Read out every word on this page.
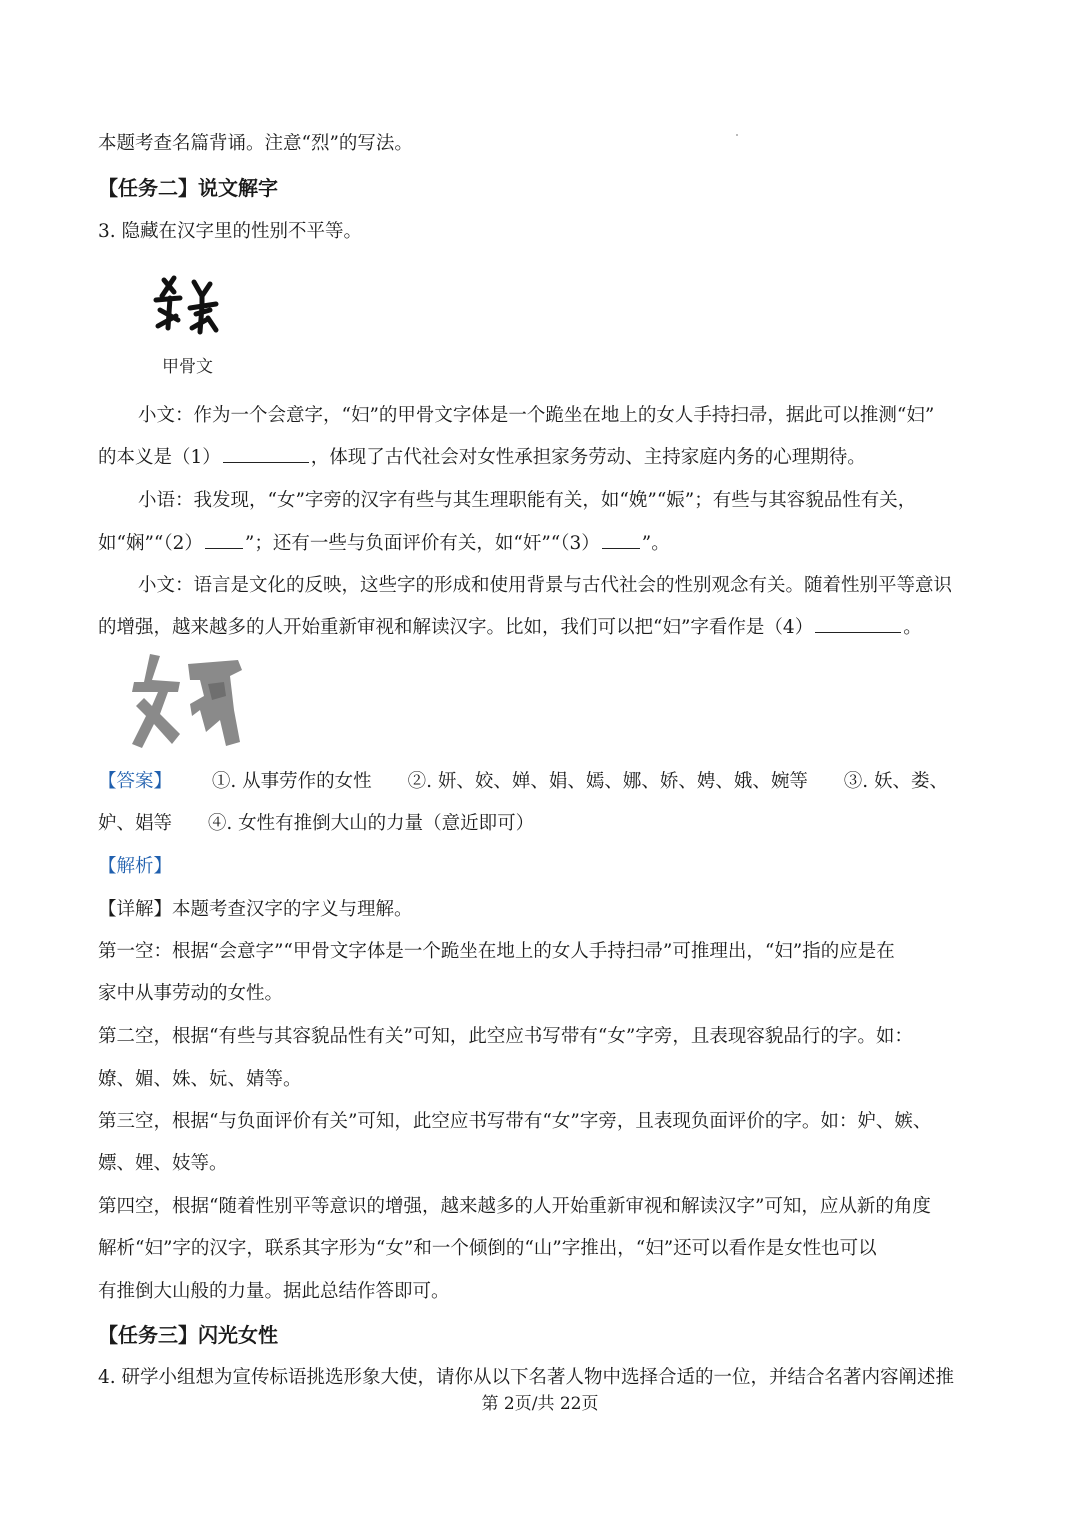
本题考查名篇背诵。注意“烈”的写法。
【任务二】说文解字
3. 隐藏在汉字里的性别不平等。
甲骨文
小文：作为一个会意字，“妇”的甲骨文字体是一个跪坐在地上的女人手持扫帚，据此可以推测“妇”
的本义是（1）	，体现了古代社会对女性承担家务劳动、主持家庭内务的心理期待。
小语：我发现，“女”字旁的汉字有些与其生理职能有关，如“娩”“娠”；有些与其容貌品性有关，
如“娴”“（2） ”；还有一些与负面评价有关，如“奸”“（3） ”。
小文：语言是文化的反映，这些字的形成和使用背景与古代社会的性别观念有关。随着性别平等意识
的增强，越来越多的人开始重新审视和解读汉字。比如，我们可以把“妇”字看作是（4）	。
【答案】 ①. 从事劳作的女性 ②. 妍、姣、婵、娟、嫣、娜、娇、娉、娥、婉等 ③. 妖、娄、
妒、娼等 ④. 女性有推倒大山的力量（意近即可）
【解析】
【详解】本题考查汉字的字义与理解。
第一空：根据“会意字”“甲骨文字体是一个跪坐在地上的女人手持扫帚”可推理出，“妇”指的应是在
家中从事劳动的女性。
第二空，根据“有些与其容貌品性有关”可知，此空应书写带有“女”字旁，且表现容貌品行的字。如：
嫽、媚、姝、妧、婧等。
第三空，根据“与负面评价有关”可知，此空应书写带有“女”字旁，且表现负面评价的字。如：妒、嫉、
嫖、娌、妓等。
第四空，根据“随着性别平等意识的增强，越来越多的人开始重新审视和解读汉字”可知，应从新的角度
解析“妇”字的汉字，联系其字形为“女”和一个倾倒的“山”字推出，“妇”还可以看作是女性也可以
有推倒大山般的力量。据此总结作答即可。
【任务三】闪光女性
4. 研学小组想为宣传标语挑选形象大使，请你从以下名著人物中选择合适的一位，并结合名著内容阐述推
第 2页/共 22页
